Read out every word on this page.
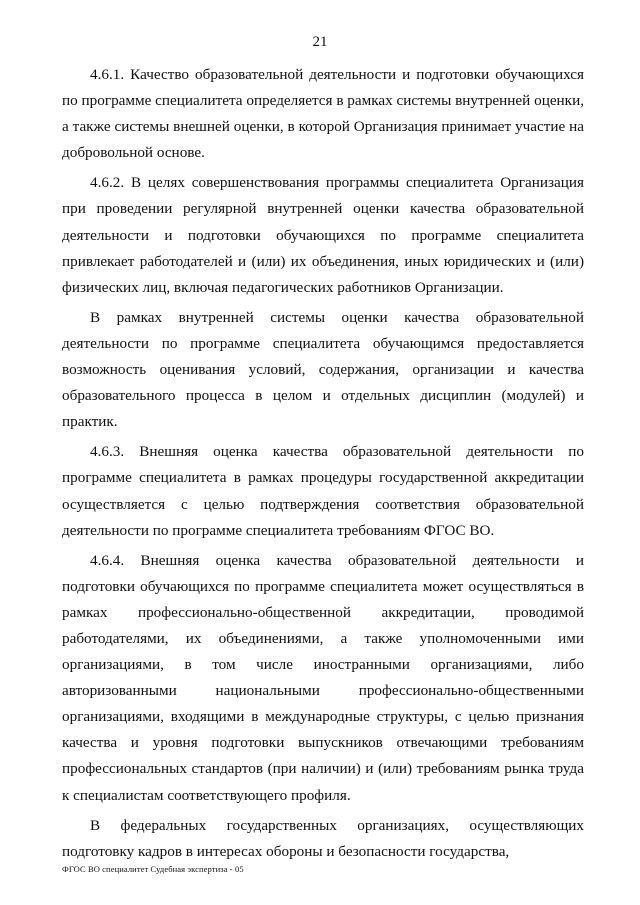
21

4.6.1. Качество образовательной деятельности и подготовки обучающихся по программе специалитета определяется в рамках системы внутренней оценки, а также системы внешней оценки, в которой Организация принимает участие на добровольной основе.

4.6.2. В целях совершенствования программы специалитета Организация при проведении регулярной внутренней оценки качества образовательной деятельности и подготовки обучающихся по программе специалитета привлекает работодателей и (или) их объединения, иных юридических и (или) физических лиц, включая педагогических работников Организации.

В рамках внутренней системы оценки качества образовательной деятельности по программе специалитета обучающимся предоставляется возможность оценивания условий, содержания, организации и качества образовательного процесса в целом и отдельных дисциплин (модулей) и практик.

4.6.3. Внешняя оценка качества образовательной деятельности по программе специалитета в рамках процедуры государственной аккредитации осуществляется с целью подтверждения соответствия образовательной деятельности по программе специалитета требованиям ФГОС ВО.

4.6.4. Внешняя оценка качества образовательной деятельности и подготовки обучающихся по программе специалитета может осуществляться в рамках профессионально-общественной аккредитации, проводимой работодателями, их объединениями, а также уполномоченными ими организациями, в том числе иностранными организациями, либо авторизованными национальными профессионально-общественными организациями, входящими в международные структуры, с целью признания качества и уровня подготовки выпускников отвечающими требованиям профессиональных стандартов (при наличии) и (или) требованиям рынка труда к специалистам соответствующего профиля.

В федеральных государственных организациях, осуществляющих подготовку кадров в интересах обороны и безопасности государства,

ФГОС ВО специалитет Судебная экспертиза - 05
